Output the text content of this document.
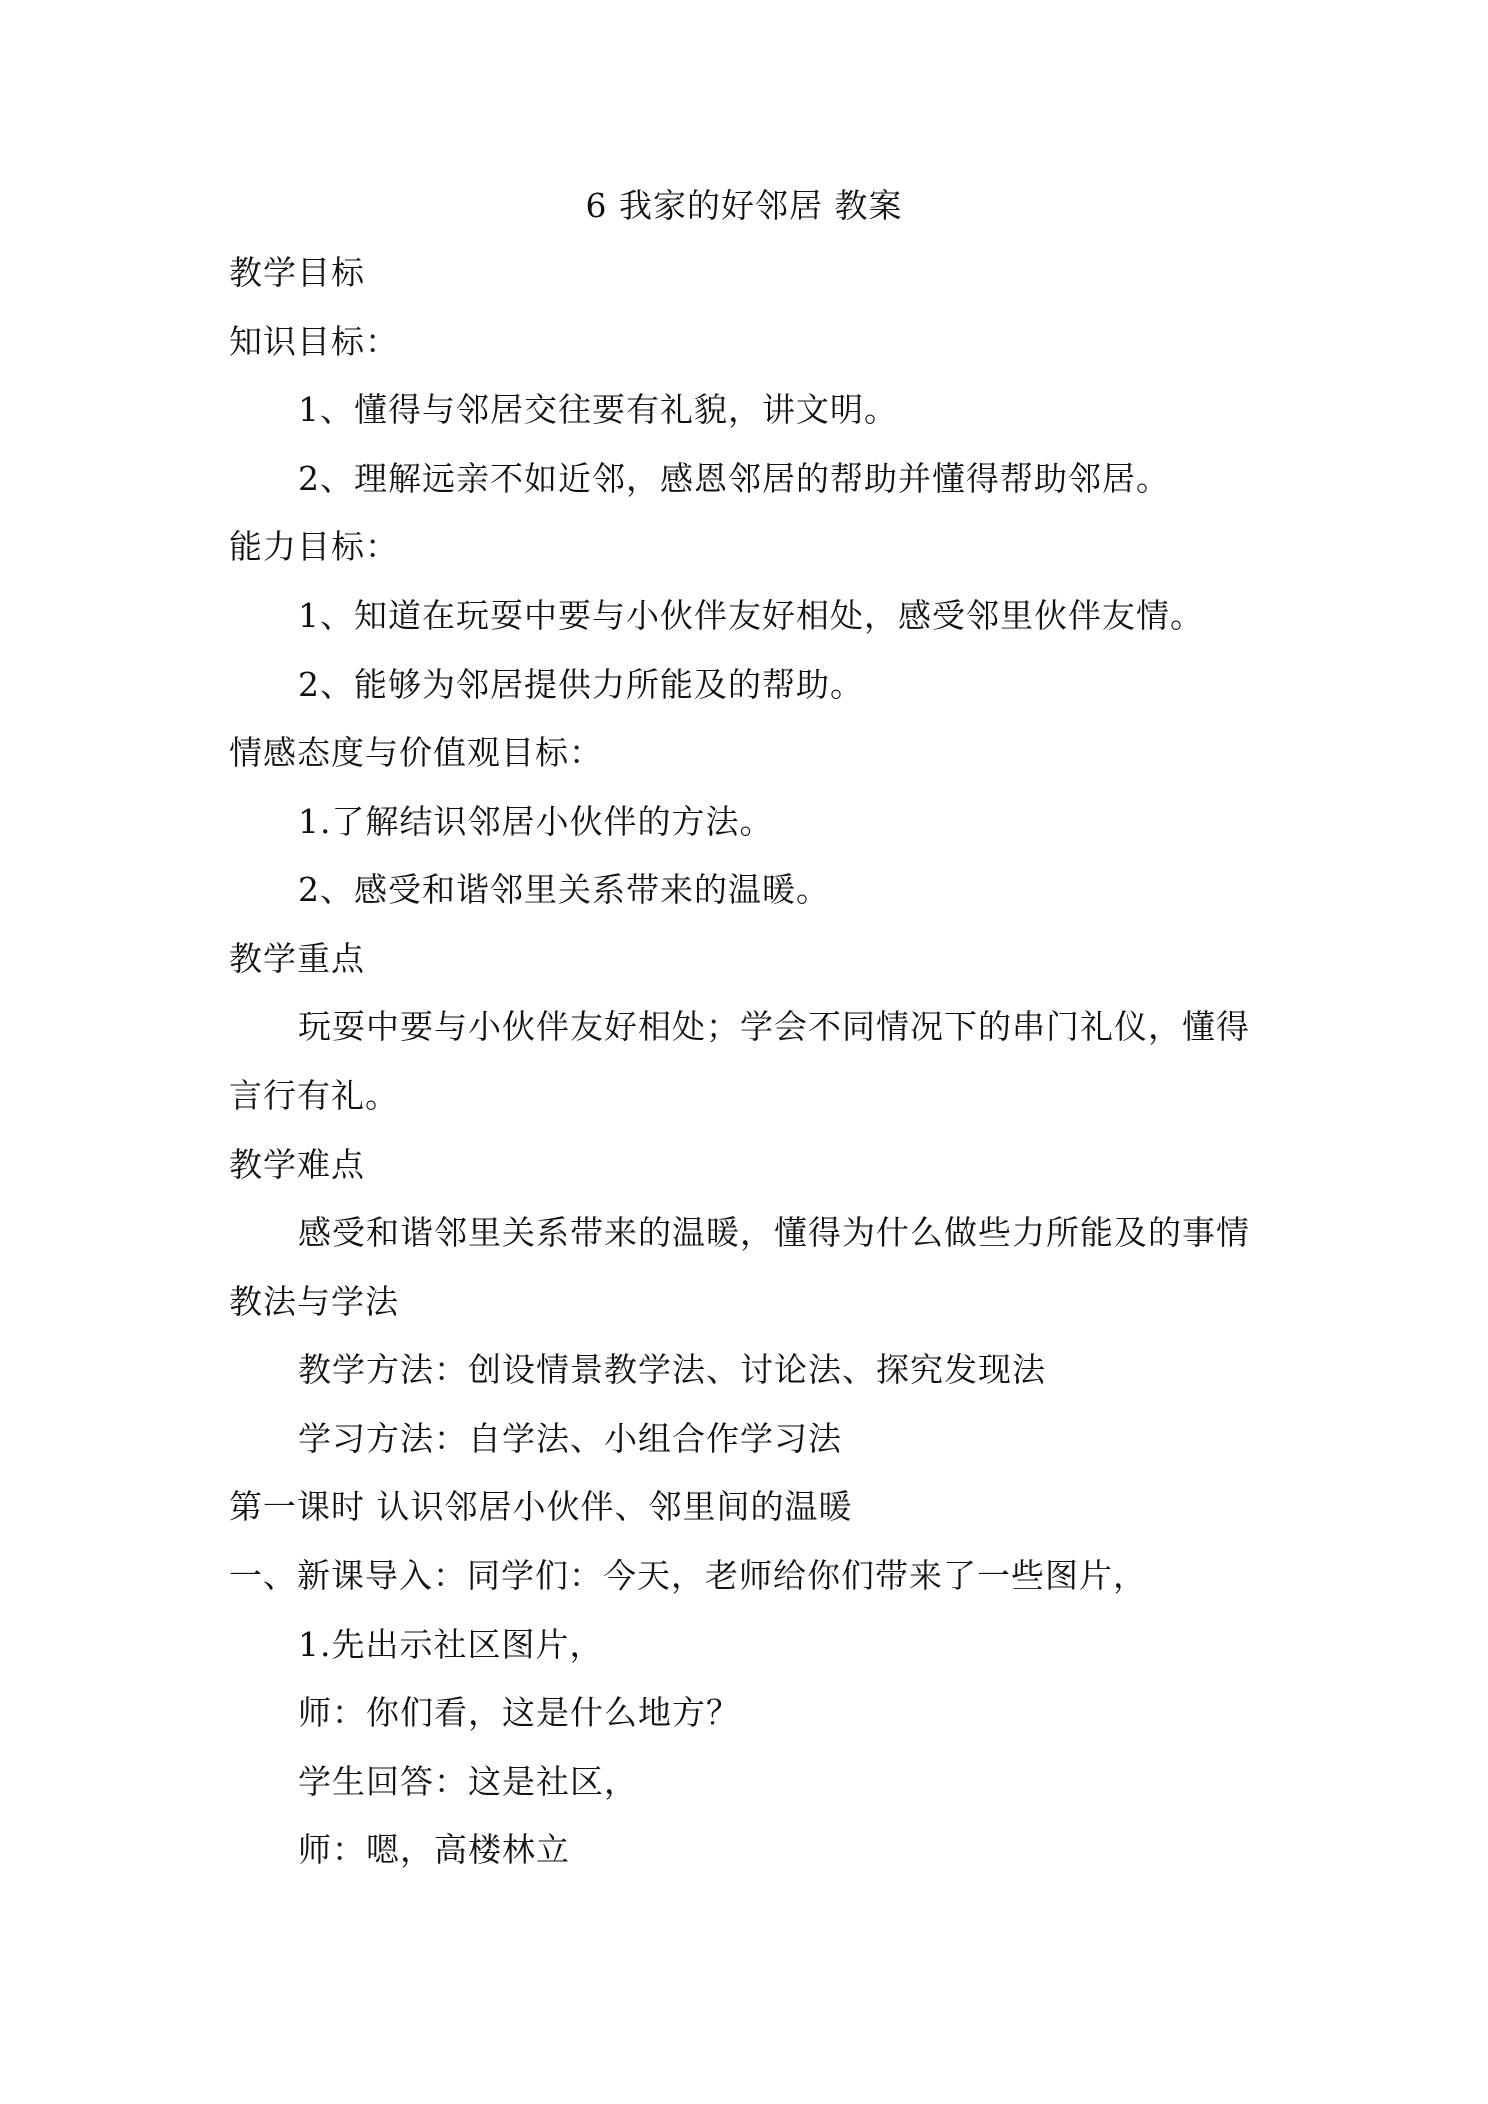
6 我家的好邻居 教案
教学目标
知识目标：
1、懂得与邻居交往要有礼貌，讲文明。
2、理解远亲不如近邻，感恩邻居的帮助并懂得帮助邻居。
能力目标：
1、知道在玩耍中要与小伙伴友好相处，感受邻里伙伴友情。
2、能够为邻居提供力所能及的帮助。
情感态度与价值观目标：
1.了解结识邻居小伙伴的方法。
2、感受和谐邻里关系带来的温暖。
教学重点
玩耍中要与小伙伴友好相处；学会不同情况下的串门礼仪，懂得
言行有礼。
教学难点
感受和谐邻里关系带来的温暖，懂得为什么做些力所能及的事情
教法与学法
教学方法：创设情景教学法、讨论法、探究发现法
学习方法：自学法、小组合作学习法
第一课时 认识邻居小伙伴、邻里间的温暖
一、新课导入：同学们：今天，老师给你们带来了一些图片，
1.先出示社区图片，
师：你们看，这是什么地方？
学生回答：这是社区，
师：嗯，高楼林立
